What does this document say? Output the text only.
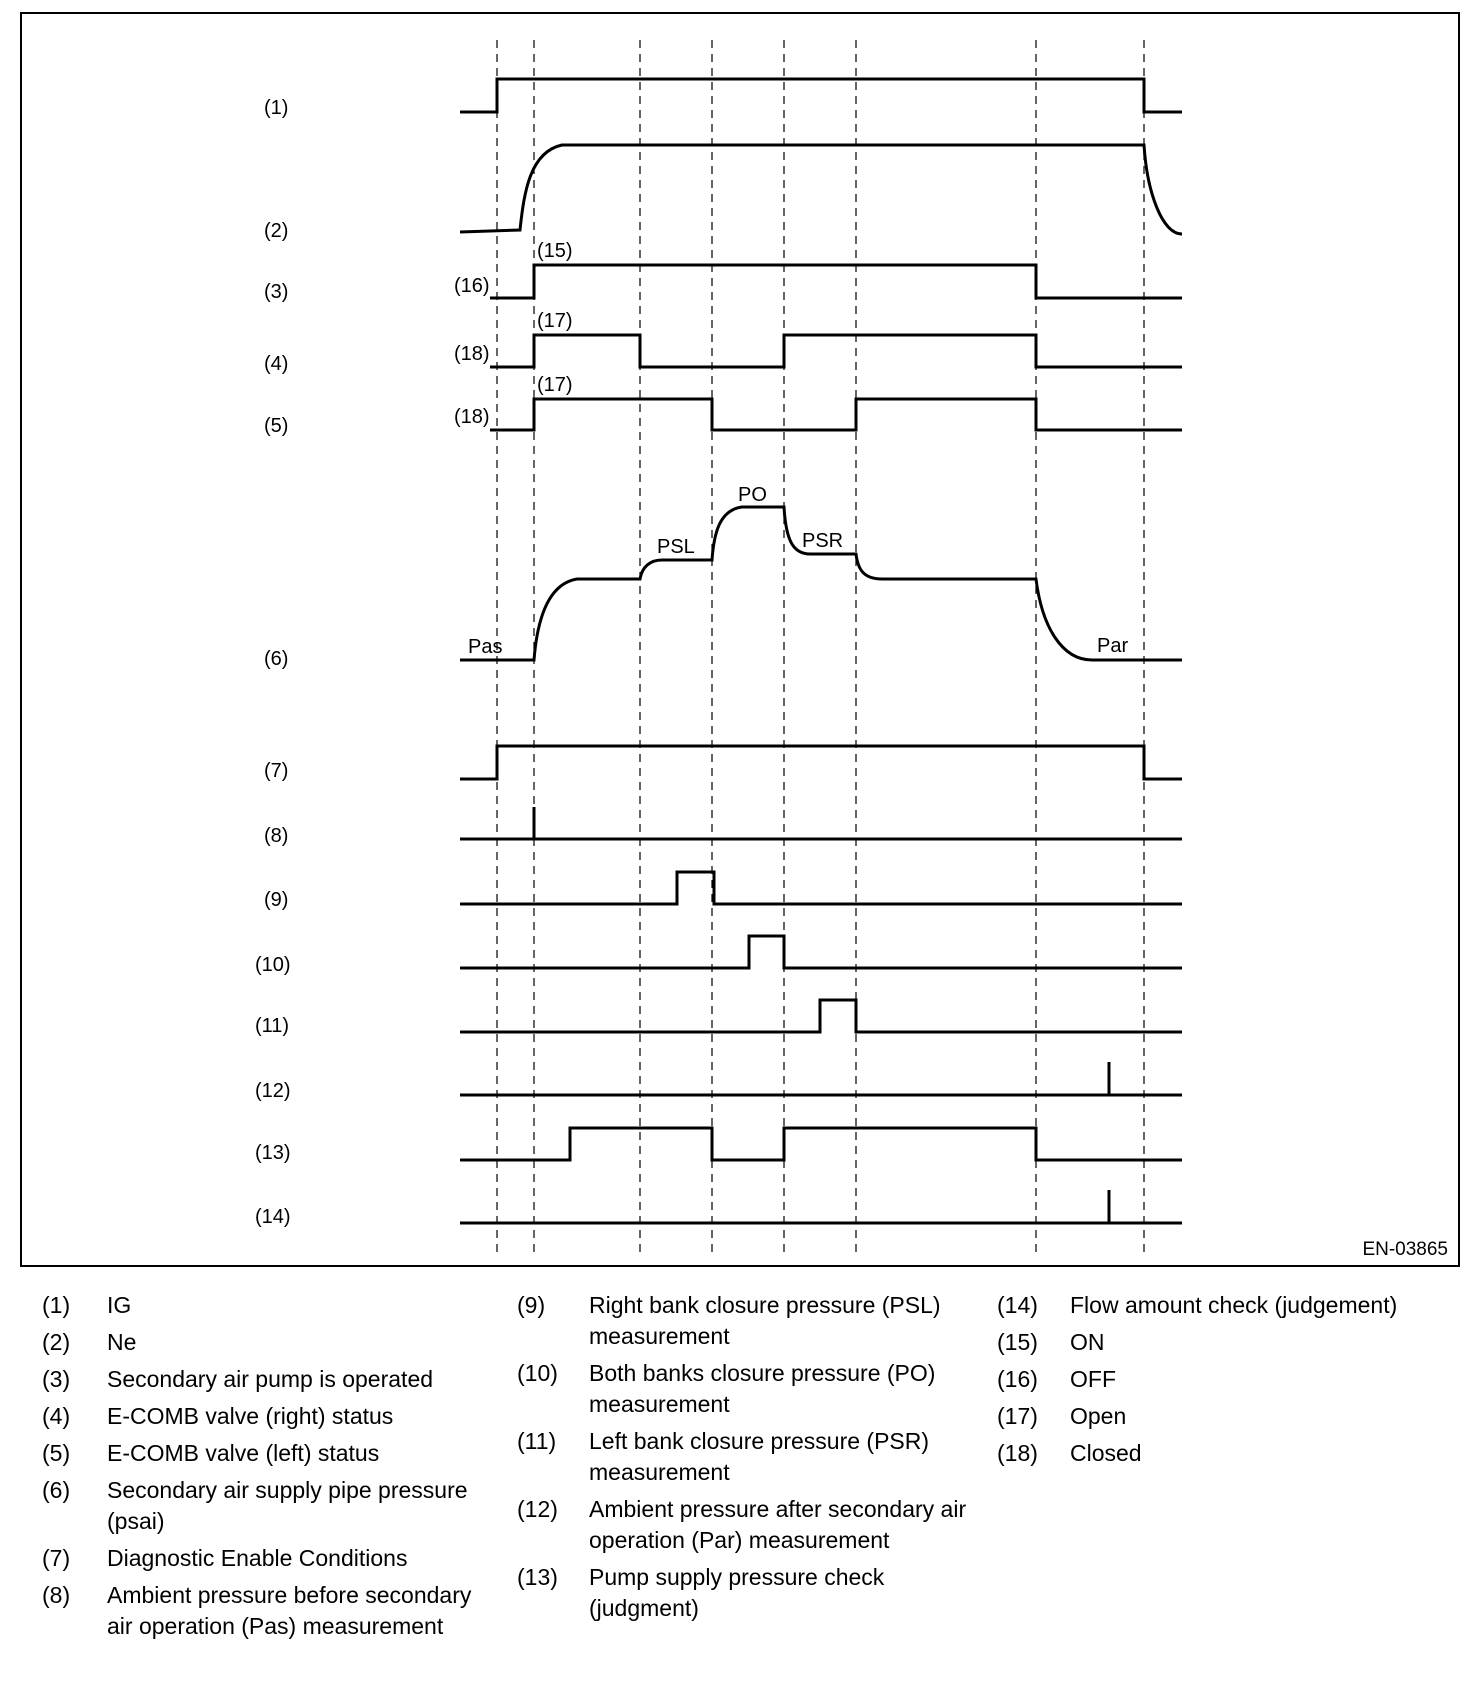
(1)
(2)
(3)
(4)
(5)
(6)
(7)
(8)
(9)
(10)
(11)
(12)
(13)
(14)
(15)
(16)
(17)
(18)
(17)
(18)
Pas
PSL
PO
PSR
Par
EN-03865
(1)	IG
(2)	Ne
(3)	Secondary air pump is operated
(4)	E-COMB valve (right) status
(5)	E-COMB valve (left) status
(6)	Secondary air supply pipe pressure (psai)
(7)	Diagnostic Enable Conditions
(8)	Ambient pressure before secondary air operation (Pas) measurement
(9)	Right bank closure pressure (PSL) measurement
(10)	Both banks closure pressure (PO) measurement
(11)	Left bank closure pressure (PSR) measurement
(12)	Ambient pressure after secondary air operation (Par) measurement
(13)	Pump supply pressure check (judgment)
(14)	Flow amount check (judgement)
(15)	ON
(16)	OFF
(17)	Open
(18)	Closed
